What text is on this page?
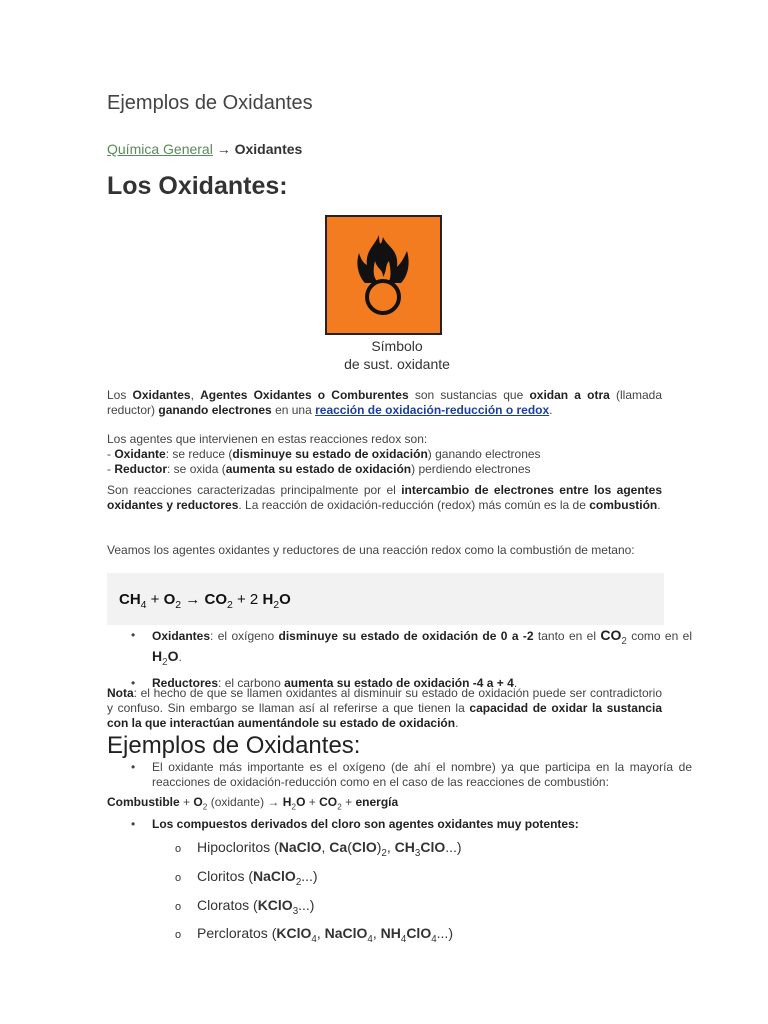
Ejemplos de Oxidantes
Química General → Oxidantes
Los Oxidantes:
Símbolo
de sust. oxidante
Los Oxidantes, Agentes Oxidantes o Comburentes son sustancias que oxidan a otra (llamada reductor) ganando electrones en una reacción de oxidación-reducción o redox.
Los agentes que intervienen en estas reacciones redox son:
- Oxidante: se reduce (disminuye su estado de oxidación) ganando electrones
- Reductor: se oxida (aumenta su estado de oxidación) perdiendo electrones
Son reacciones caracterizadas principalmente por el intercambio de electrones entre los agentes oxidantes y reductores. La reacción de oxidación-reducción (redox) más común es la de combustión.
Veamos los agentes oxidantes y reductores de una reacción redox como la combustión de metano:
$CH_4 + O_2 \to CO_2 + 2$ $H_2O$
• Oxidantes: el oxígeno disminuye su estado de oxidación de 0 a -2 tanto en el $CO_2$ como en el $H_2O$.
• Reductores: el carbono aumenta su estado de oxidación -4 a + 4.
Nota: el hecho de que se llamen oxidantes al disminuir su estado de oxidación puede ser contradictorio y confuso. Sin embargo se llaman así al referirse a que tienen la capacidad de oxidar la sustancia con la que interactúan aumentándole su estado de oxidación.
Ejemplos de Oxidantes:
• El oxidante más importante es el oxígeno (de ahí el nombre) ya que participa en la mayoría de reacciones de oxidación-reducción como en el caso de las reacciones de combustión:
Combustible + $O_2$ (oxidante) → $H_2O + CO_2$ + energía
• Los compuestos derivados del cloro son agentes oxidantes muy potentes:
o Hipocloritos (NaClO, $Ca(ClO)_2$, $CH_3ClO$...)
o Cloritos (NaClO$_2$...)
o Cloratos (KClO$_3$...)
o Percloratos (KClO$_4$, NaClO$_4$, $NH_4ClO_4$...)
